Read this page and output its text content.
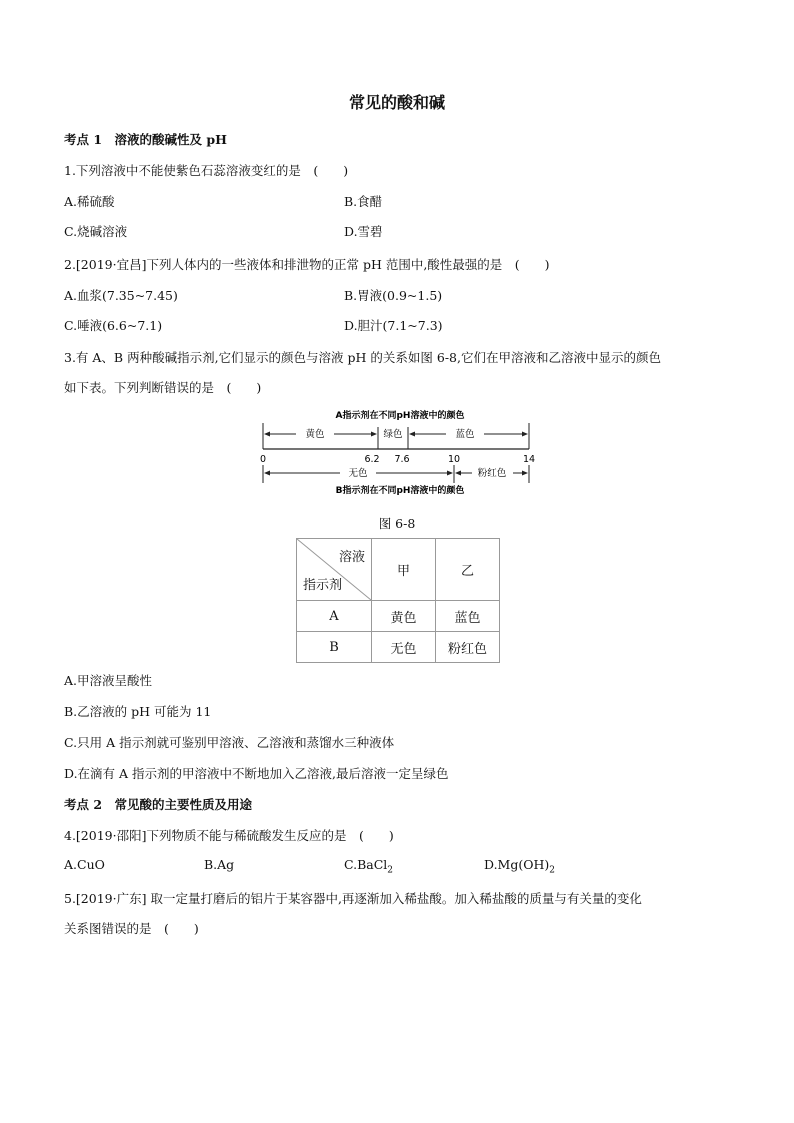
常见的酸和碱
考点 1　溶液的酸碱性及 pH
1.下列溶液中不能使紫色石蕊溶液变红的是　(　　)
A.稀硫酸	B.食醋
C.烧碱溶液	D.雪碧
2.[2019·宜昌]下列人体内的一些液体和排泄物的正常 pH 范围中,酸性最强的是　(　　)
A.血浆(7.35~7.45)	B.胃液(0.9~1.5)
C.唾液(6.6~7.1)	D.胆汁(7.1~7.3)
3.有 A、B 两种酸碱指示剂,它们显示的颜色与溶液 pH 的关系如图 6-8,它们在甲溶液和乙溶液中显示的颜色
如下表。下列判断错误的是　(　　)
A指示剂在不同pH溶液中的颜色
黄色	绿色	蓝色
0	6.2 7.6	10	14
无色	粉红色
B指示剂在不同pH溶液中的颜色
图 6-8
溶液
指示剂	甲	乙
A	黄色	蓝色
B	无色	粉红色
A.甲溶液呈酸性
B.乙溶液的 pH 可能为 11
C.只用 A 指示剂就可鉴别甲溶液、乙溶液和蒸馏水三种液体
D.在滴有 A 指示剂的甲溶液中不断地加入乙溶液,最后溶液一定呈绿色
考点 2　常见酸的主要性质及用途
4.[2019·邵阳]下列物质不能与稀硫酸发生反应的是　(　　)
A.CuO	B.Ag	C.BaCl$_2$	$D.Mg(OH)_2$
5.[2019·广东] 取一定量打磨后的铝片于某容器中,再逐渐加入稀盐酸。加入稀盐酸的质量与有关量的变化
关系图错误的是　(　　)
